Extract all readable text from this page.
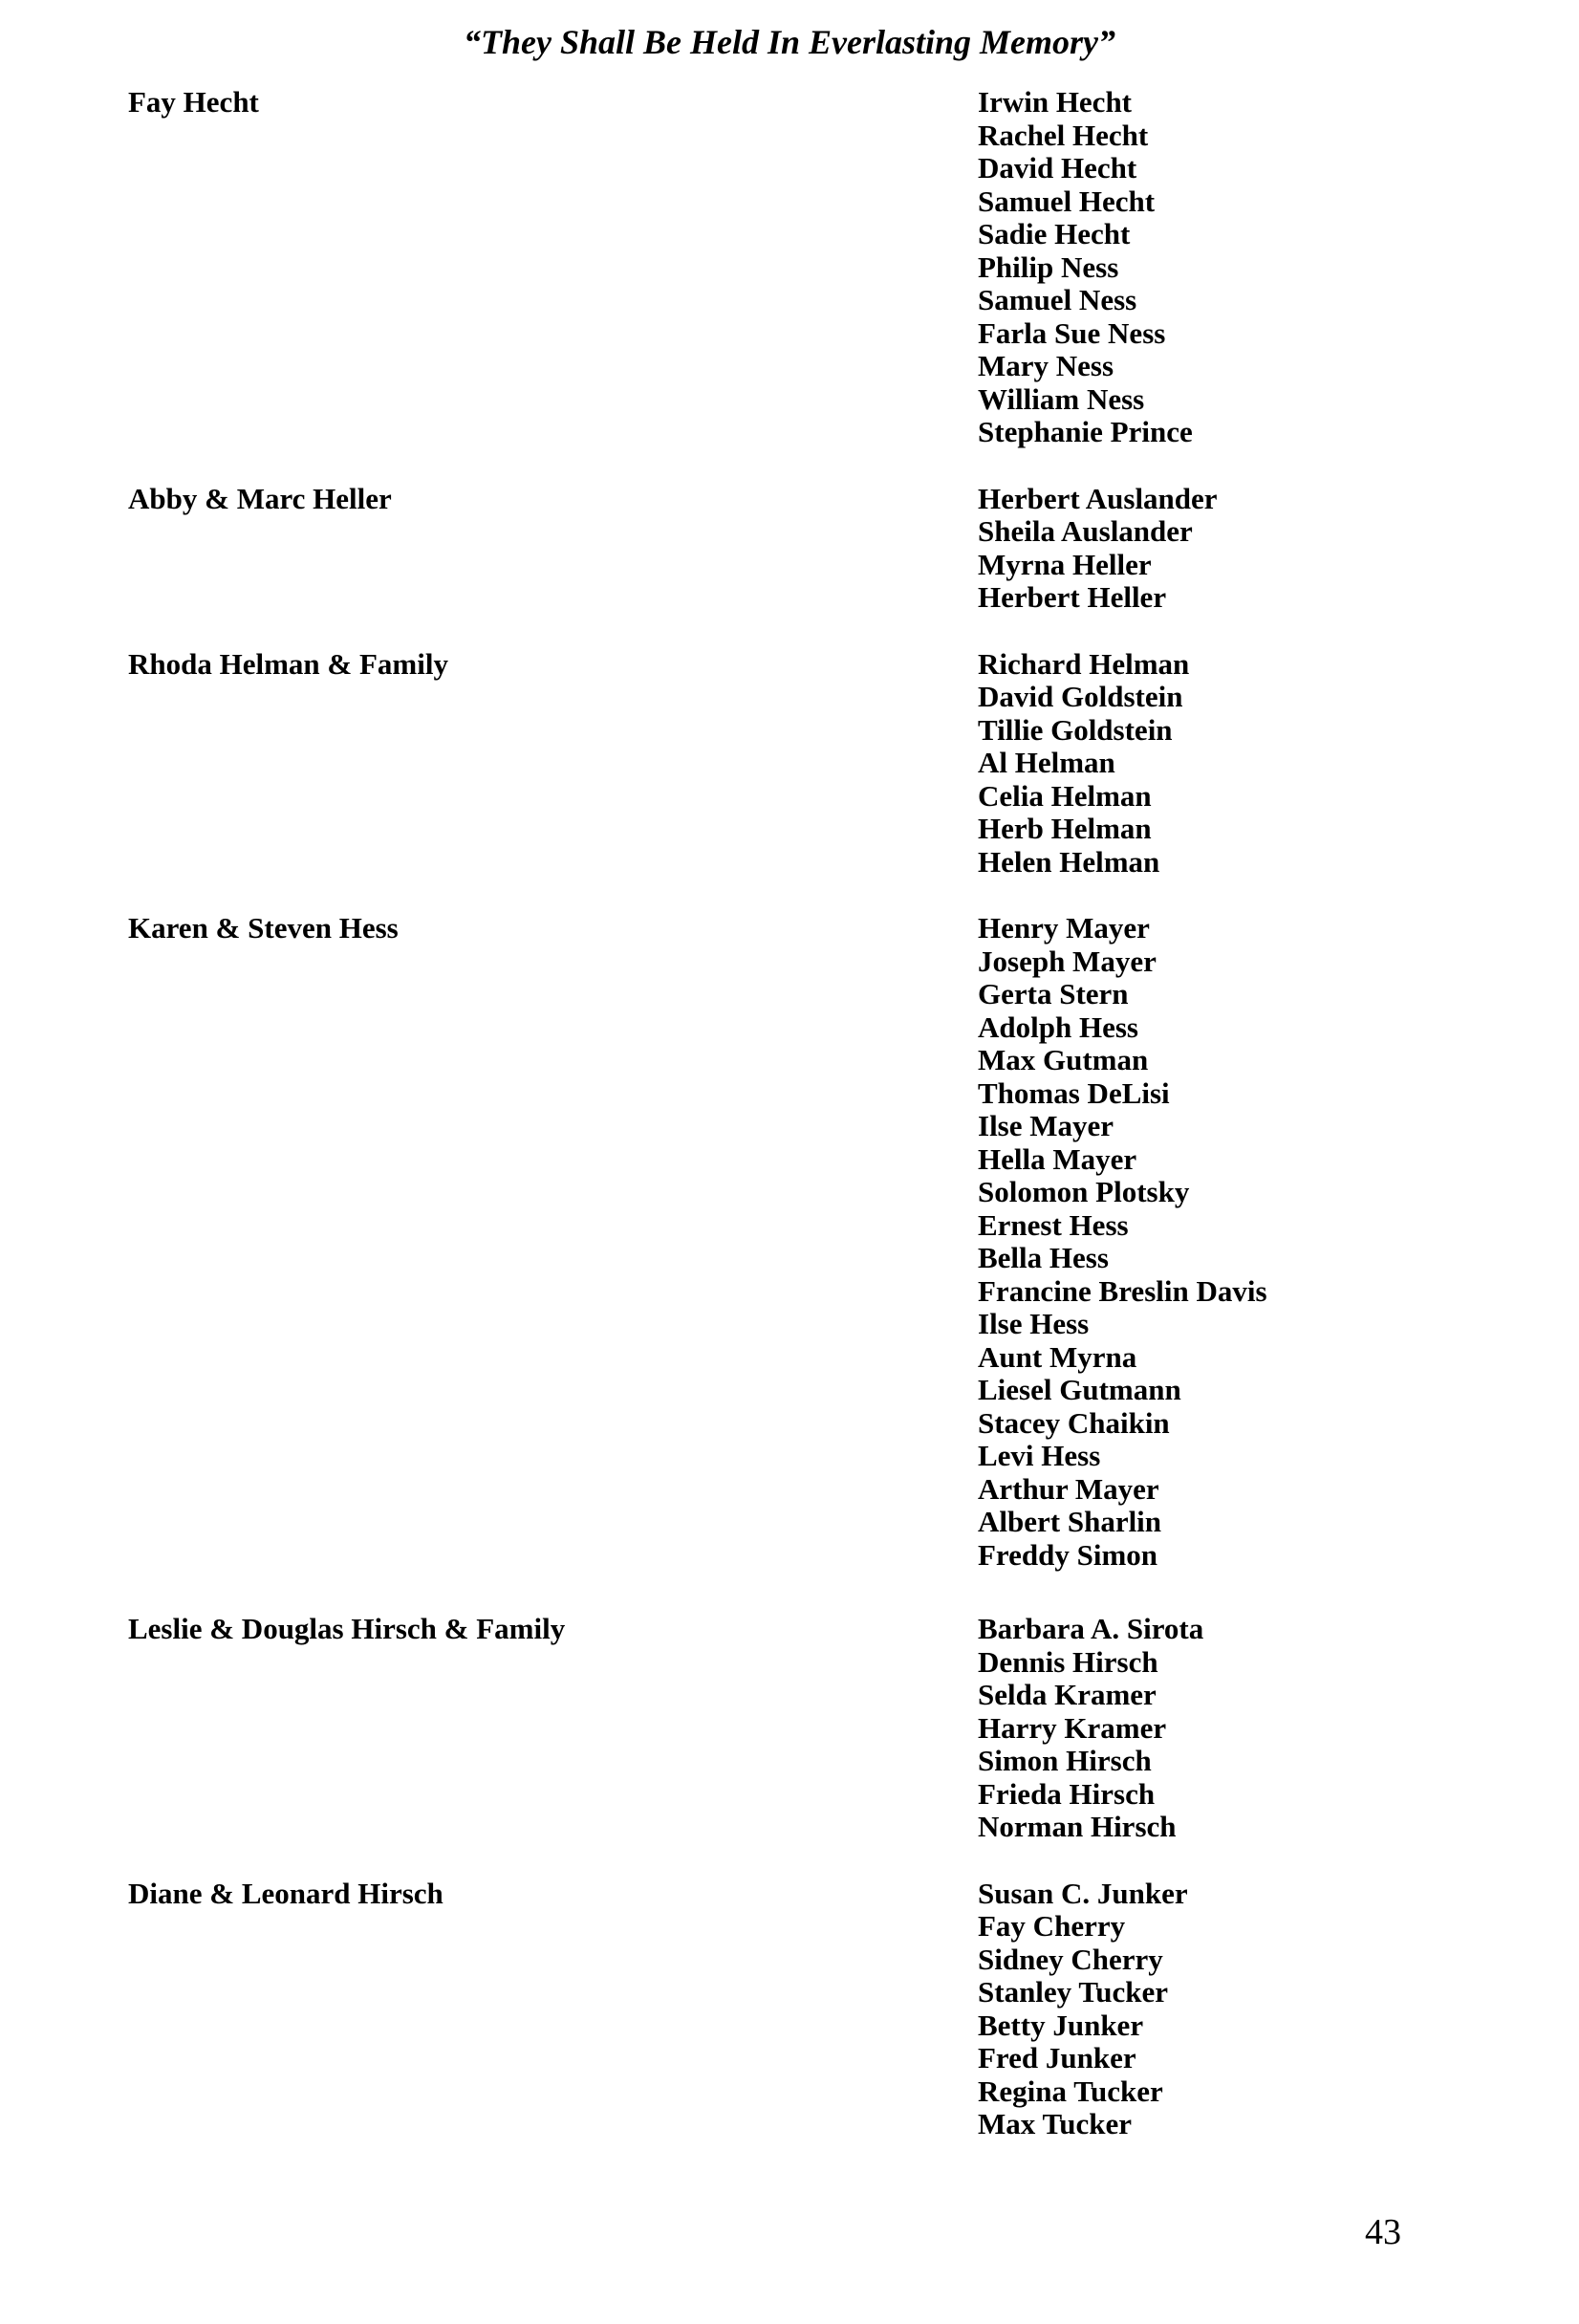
“They Shall Be Held In Everlasting Memory”
Fay Hecht	Irwin Hecht
Rachel Hecht
David Hecht
Samuel Hecht
Sadie Hecht
Philip Ness
Samuel Ness
Farla Sue Ness
Mary Ness
William Ness
Stephanie Prince
Abby & Marc Heller	Herbert Auslander
Sheila Auslander
Myrna Heller
Herbert Heller
Rhoda Helman & Family	Richard Helman
David Goldstein
Tillie Goldstein
Al Helman
Celia Helman
Herb Helman
Helen Helman
Karen & Steven Hess	Henry Mayer
Joseph Mayer
Gerta Stern
Adolph Hess
Max Gutman
Thomas DeLisi
Ilse Mayer
Hella Mayer
Solomon Plotsky
Ernest Hess
Bella Hess
Francine Breslin Davis
Ilse Hess
Aunt Myrna
Liesel Gutmann
Stacey Chaikin
Levi Hess
Arthur Mayer
Albert Sharlin
Freddy Simon
Leslie & Douglas Hirsch & Family	Barbara A. Sirota
Dennis Hirsch
Selda Kramer
Harry Kramer
Simon Hirsch
Frieda Hirsch
Norman Hirsch
Diane & Leonard Hirsch	Susan C. Junker
Fay Cherry
Sidney Cherry
Stanley Tucker
Betty Junker
Fred Junker
Regina Tucker
Max Tucker

43
